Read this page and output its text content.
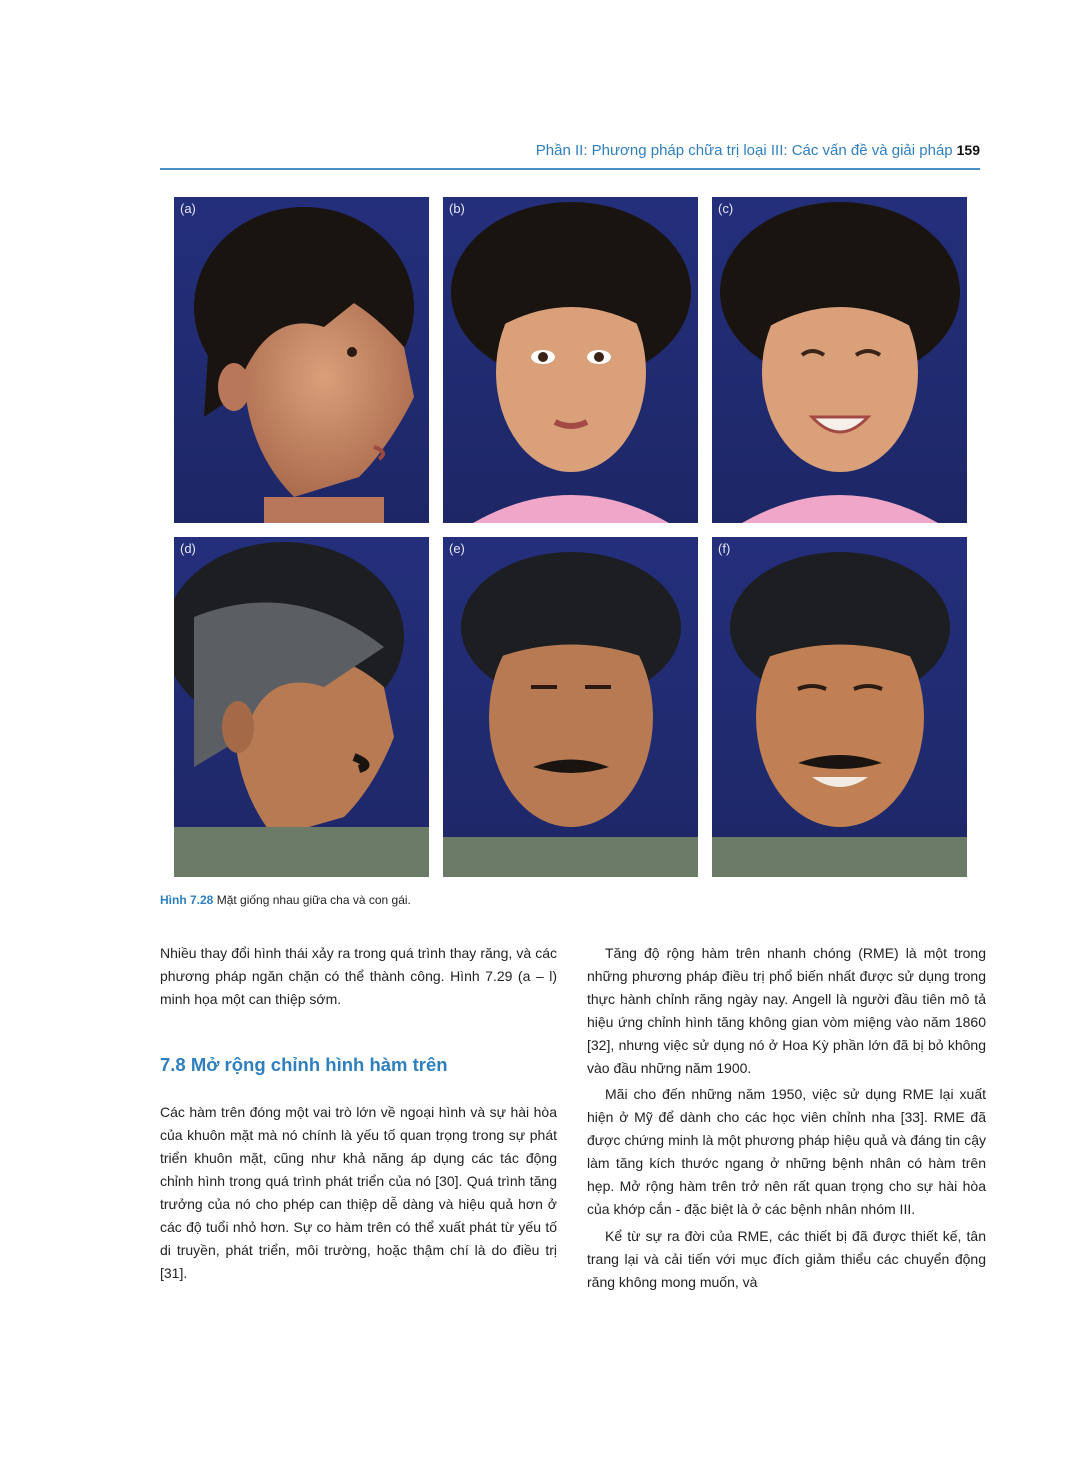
Phần II: Phương pháp chữa trị loại III: Các vấn đề và giải pháp 159
(a)	(b)	(c)
(d)	(e)	(f)
Hình 7.28 Mặt giống nhau giữa cha và con gái.

Nhiều thay đổi hình thái xảy ra trong quá trình thay răng, và các phương pháp ngăn chặn có thể thành công. Hình 7.29 (a – l) minh họa một can thiệp sớm.

7.8 Mở rộng chỉnh hình hàm trên

Các hàm trên đóng một vai trò lớn về ngoại hình và sự hài hòa của khuôn mặt mà nó chính là yếu tố quan trọng trong sự phát triển khuôn mặt, cũng như khả năng áp dụng các tác động chỉnh hình trong quá trình phát triển của nó [30]. Quá trình tăng trưởng của nó cho phép can thiệp dễ dàng và hiệu quả hơn ở các độ tuổi nhỏ hơn. Sự co hàm trên có thể xuất phát từ yếu tố di truyền, phát triển, môi trường, hoặc thậm chí là do điều trị [31].

Tăng độ rộng hàm trên nhanh chóng (RME) là một trong những phương pháp điều trị phổ biến nhất được sử dụng trong thực hành chỉnh răng ngày nay. Angell là người đầu tiên mô tả hiệu ứng chỉnh hình tăng không gian vòm miệng vào năm 1860 [32], nhưng việc sử dụng nó ở Hoa Kỳ phần lớn đã bị bỏ không vào đầu những năm 1900.

Mãi cho đến những năm 1950, việc sử dụng RME lại xuất hiện ở Mỹ để dành cho các học viên chỉnh nha [33]. RME đã được chứng minh là một phương pháp hiệu quả và đáng tin cậy làm tăng kích thước ngang ở những bệnh nhân có hàm trên hẹp. Mở rộng hàm trên trở nên rất quan trọng cho sự hài hòa của khớp cắn - đặc biệt là ở các bệnh nhân nhóm III.

Kể từ sự ra đời của RME, các thiết bị đã được thiết kế, tân trang lại và cải tiến với mục đích giảm thiểu các chuyển động răng không mong muốn, và
